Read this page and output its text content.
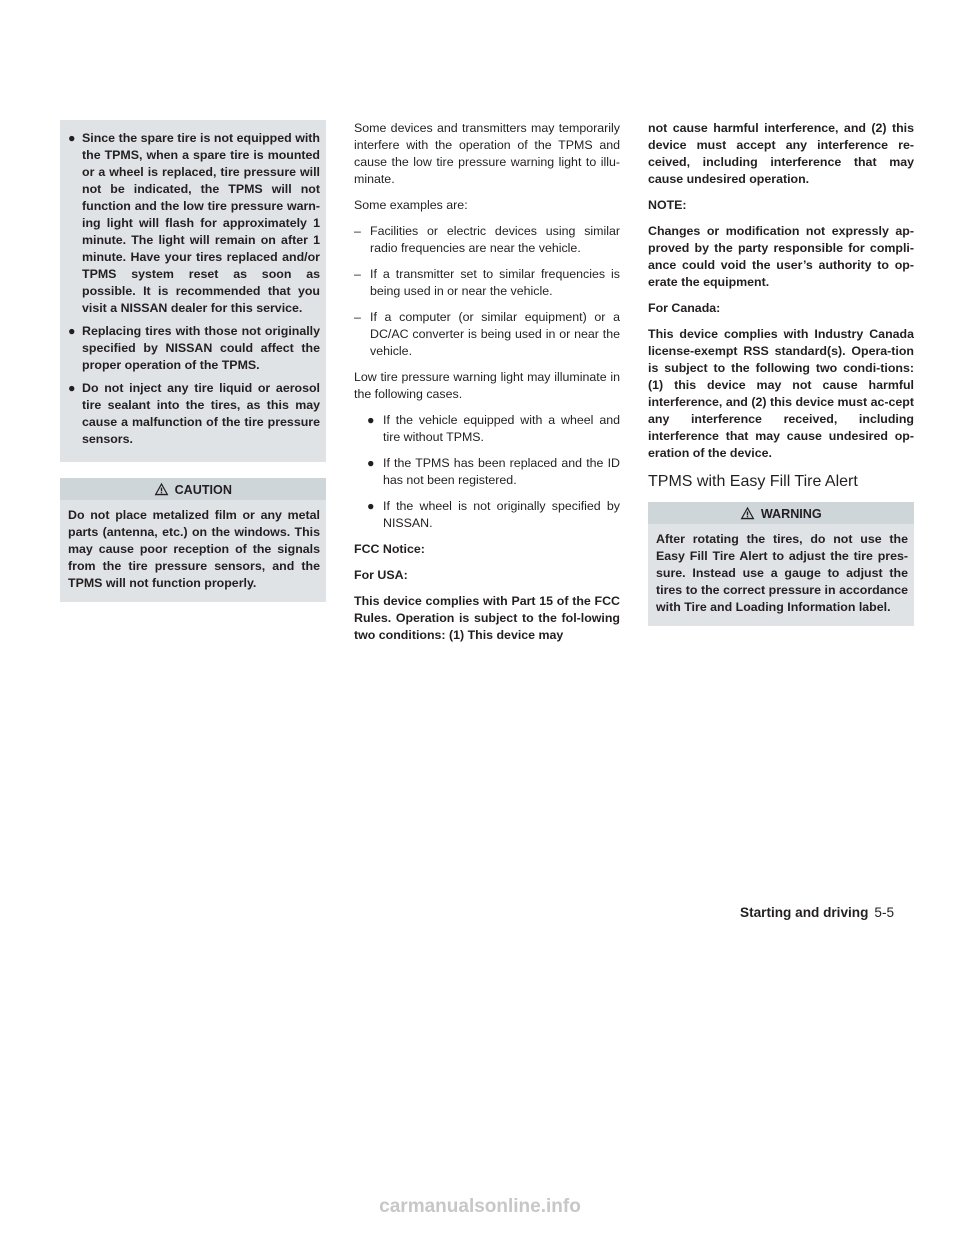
● Since the spare tire is not equipped with the TPMS, when a spare tire is mounted or a wheel is replaced, tire pressure will not be indicated, the TPMS will not function and the low tire pressure warn-ing light will flash for approximately 1 minute. The light will remain on after 1 minute. Have your tires replaced and/or TPMS system reset as soon as possible. It is recommended that you visit a NISSAN dealer for this service.
● Replacing tires with those not originally specified by NISSAN could affect the proper operation of the TPMS.
● Do not inject any tire liquid or aerosol tire sealant into the tires, as this may cause a malfunction of the tire pressure sensors.
CAUTION
Do not place metalized film or any metal parts (antenna, etc.) on the windows. This may cause poor reception of the signals from the tire pressure sensors, and the TPMS will not function properly.

Some devices and transmitters may temporarily interfere with the operation of the TPMS and cause the low tire pressure warning light to illu-minate.

Some examples are:

– Facilities or electric devices using similar radio frequencies are near the vehicle.
– If a transmitter set to similar frequencies is being used in or near the vehicle.
– If a computer (or similar equipment) or a DC/AC converter is being used in or near the vehicle.

Low tire pressure warning light may illuminate in the following cases.

● If the vehicle equipped with a wheel and tire without TPMS.
● If the TPMS has been replaced and the ID has not been registered.
● If the wheel is not originally specified by NISSAN.

FCC Notice:

For USA:

This device complies with Part 15 of the FCC Rules. Operation is subject to the fol-lowing two conditions: (1) This device may

not cause harmful interference, and (2) this device must accept any interference re-ceived, including interference that may cause undesired operation.

NOTE:

Changes or modification not expressly ap-proved by the party responsible for compli-ance could void the user’s authority to op-erate the equipment.

For Canada:

This device complies with Industry Canada license-exempt RSS standard(s). Opera-tion is subject to the following two condi-tions: (1) this device may not cause harmful interference, and (2) this device must ac-cept any interference received, including interference that may cause undesired op-eration of the device.

TPMS with Easy Fill Tire Alert
WARNING
After rotating the tires, do not use the Easy Fill Tire Alert to adjust the tire pres-sure. Instead use a gauge to adjust the tires to the correct pressure in accordance with Tire and Loading Information label.
Starting and driving 5-5
carmanualsonline.info
